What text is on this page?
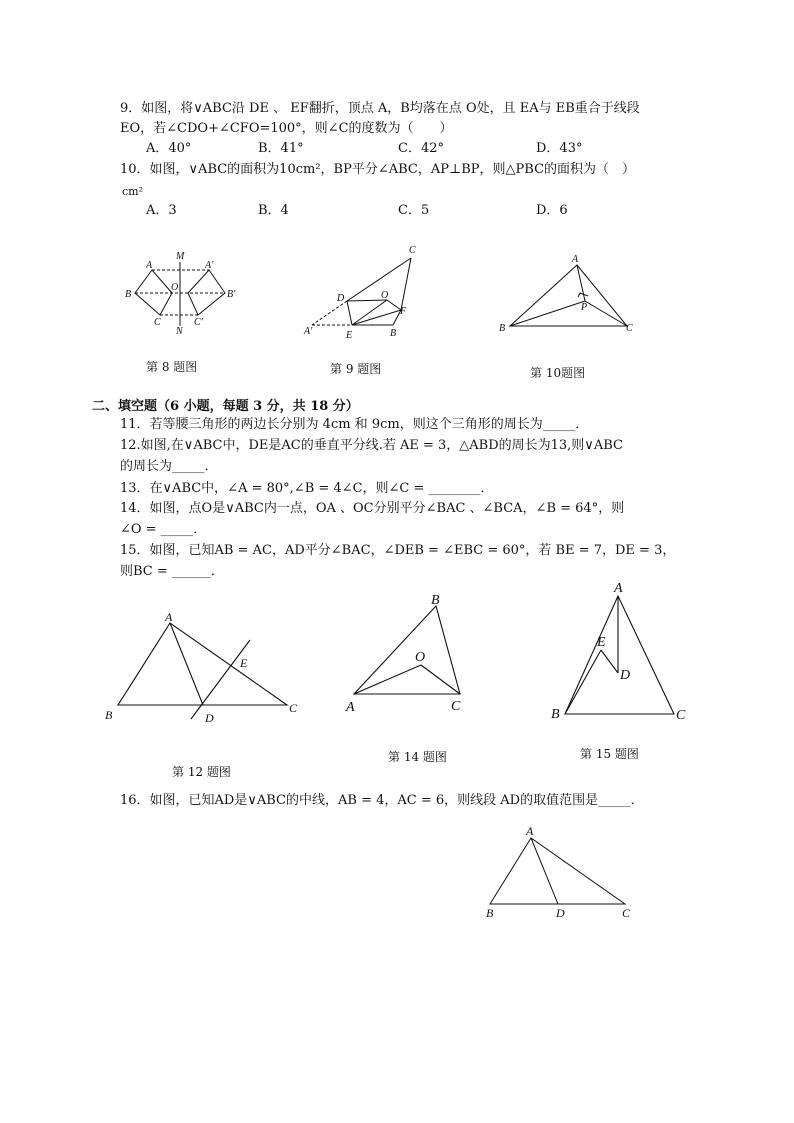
9．如图，将∨ABC沿 DE 、 EF翻折，顶点 A，B均落在点 O处，且 EA与 EB重合于线段
EO，若∠CDO+∠CFO=100°，则∠C的度数为（　　）
A．40°	B．41°	C．42°	D．43°
10．如图，∨ABC的面积为10cm²，BP平分∠ABC，AP⊥BP，则△PBC的面积为（　）
cm²
A．3	B．4	C．5	D．6
M
A	A′
B
O
B′
C	C′
N
C
D	O
F
A′	E	B
A
P
B	C
A
E
B	D
C
B
O
A	C
A
E
D
B	C
A
B	D	C
第 8 题图	第 9 题图	第 10题图
二、填空题（6 小题，每题 3 分，共 18 分）
11．若等腰三角形的两边长分别为 4cm 和 9cm，则这个三角形的周长为_____．
12.如图,在∨ABC中，DE是AC的垂直平分线.若 AE = 3，△ABD的周长为13,则∨ABC
的周长为_____．
13．在∨ABC中，∠A = 80°,∠B = 4∠C，则∠C = ________．
14．如图，点O是∨ABC内一点，OA 、OC分别平分∠BAC 、∠BCA，∠B = 64°，则
∠O = _____．
15．如图，已知AB = AC，AD平分∠BAC，∠DEB = ∠EBC = 60°，若 BE = 7，DE = 3，
则BC = ______．
第 14 题图	第 15 题图
第 12 题图
16．如图，已知AD是∨ABC的中线，AB = 4，AC = 6，则线段 AD的取值范围是_____．
